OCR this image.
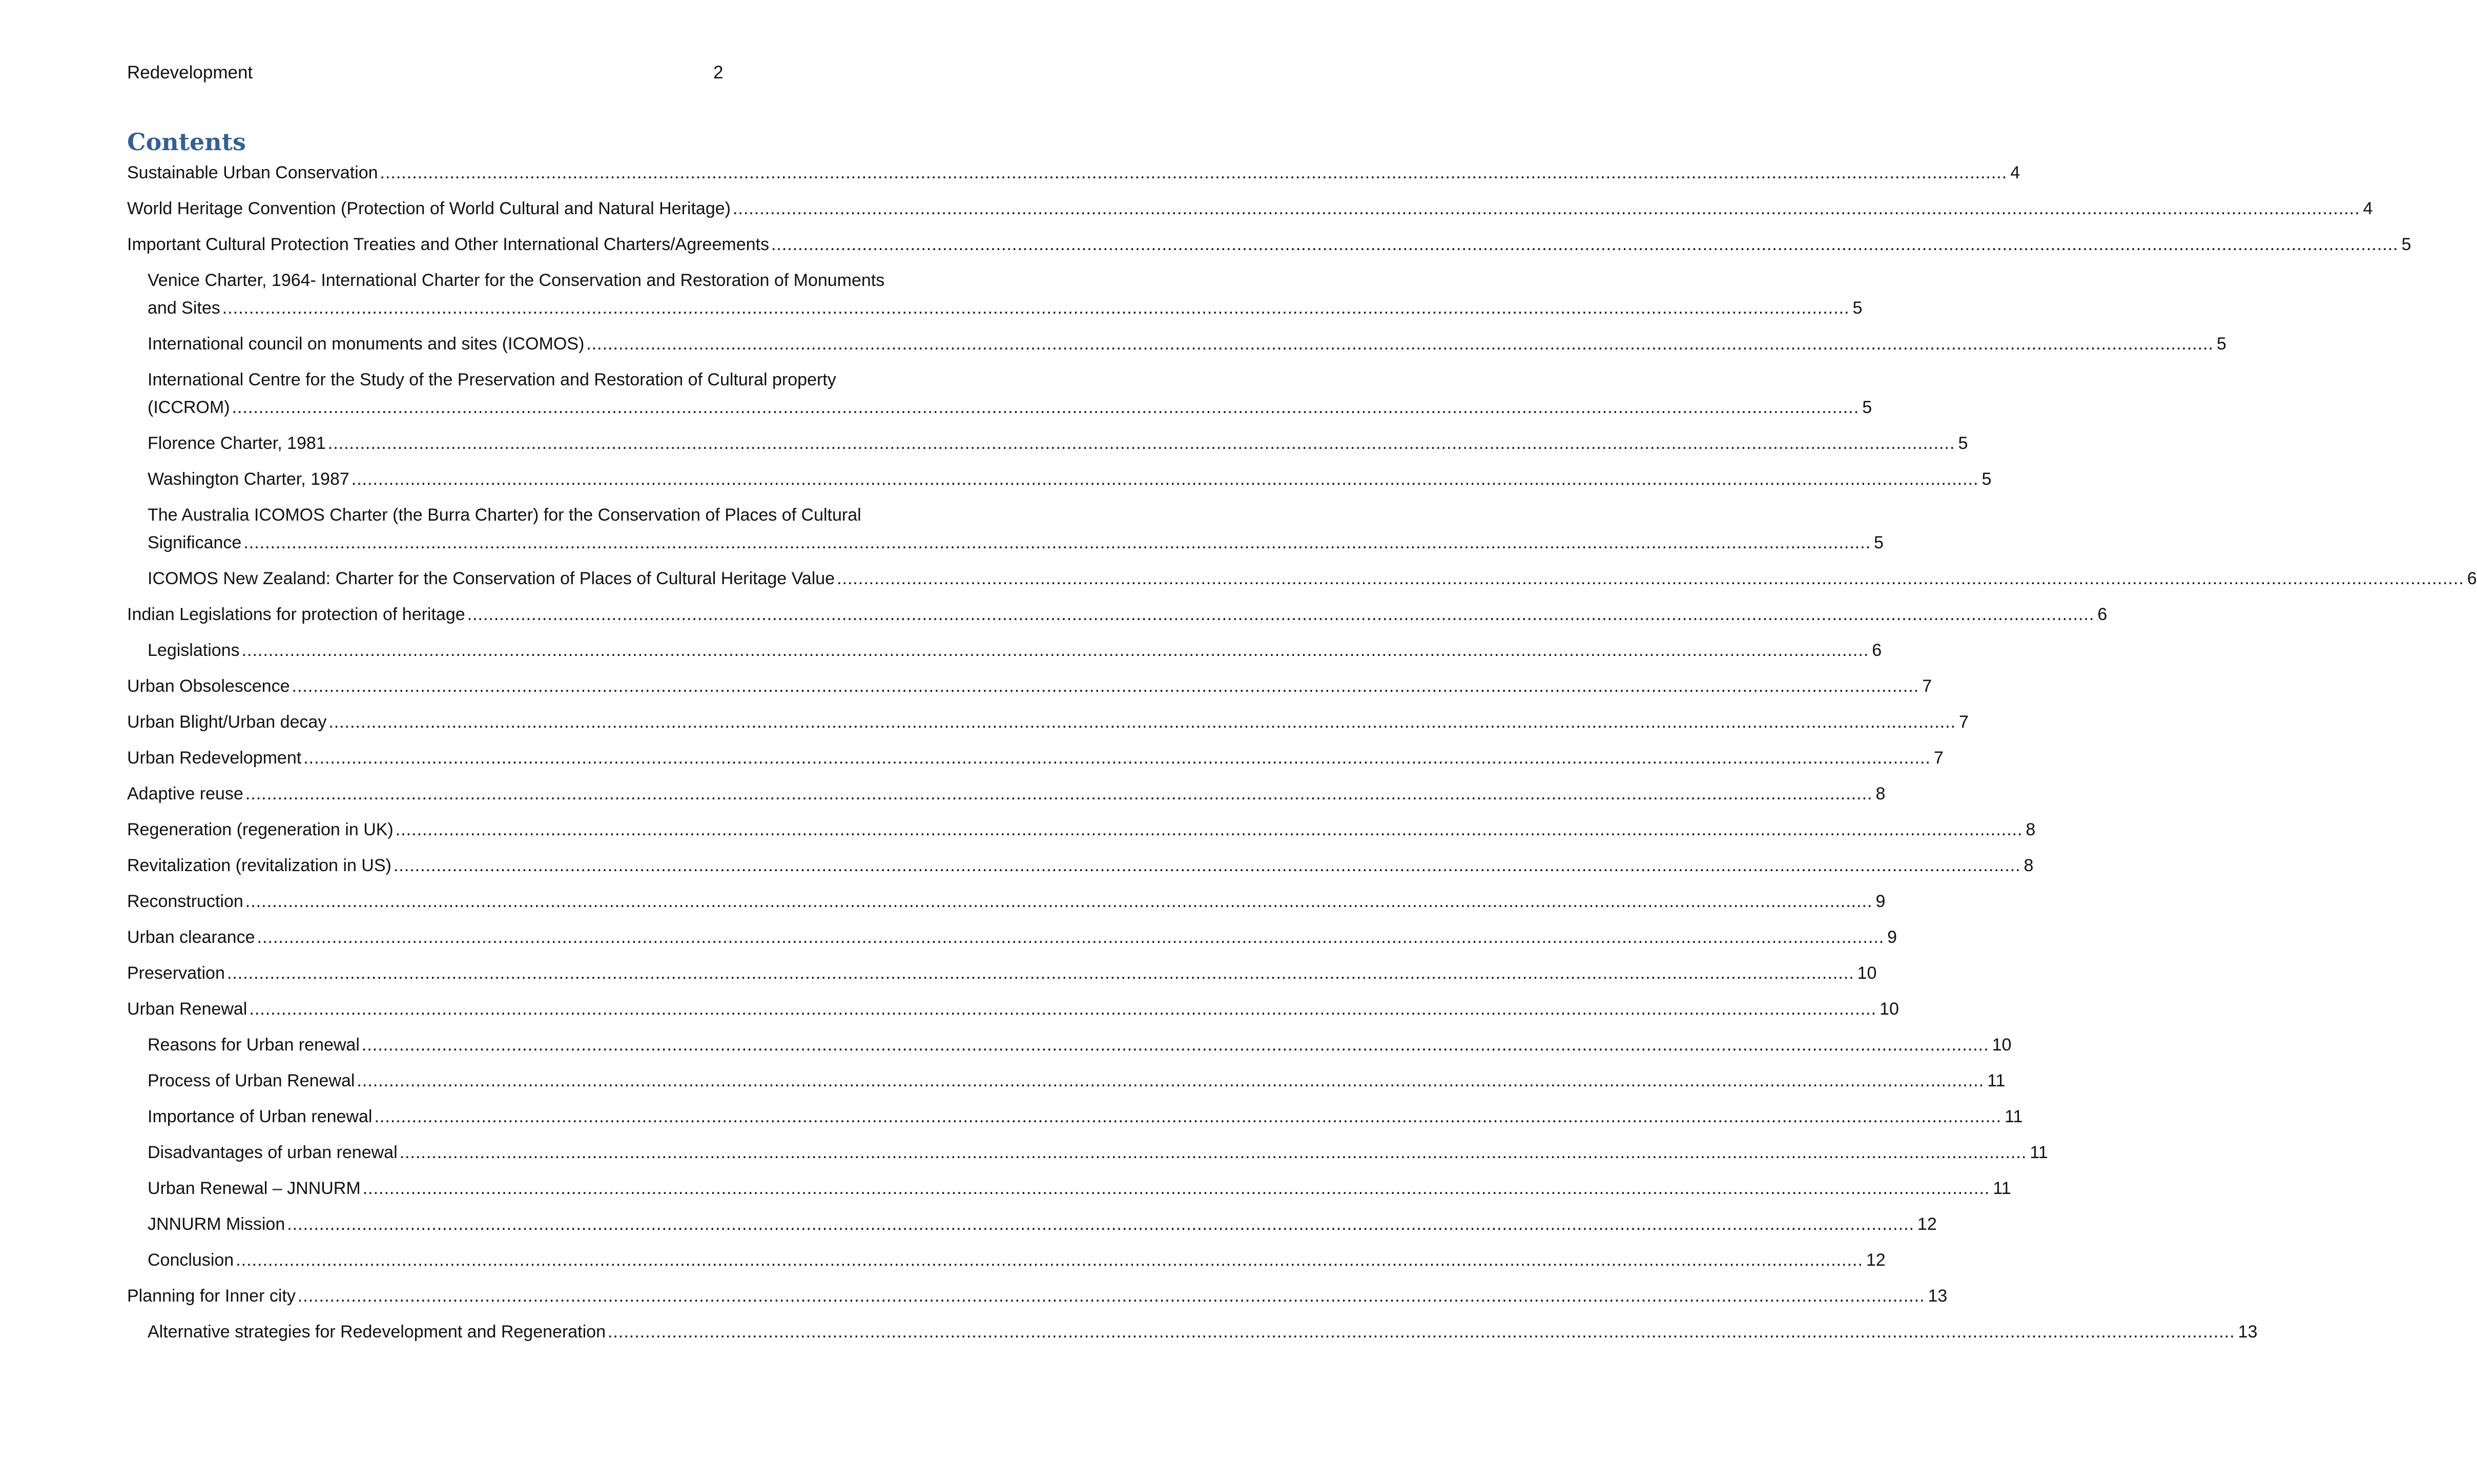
Redevelopment	2
Contents
Sustainable Urban Conservation .....	4
World Heritage Convention (Protection of World Cultural and Natural Heritage) .....	4
Important Cultural Protection Treaties and Other International Charters/Agreements .....	5
Venice Charter, 1964- International Charter for the Conservation and Restoration of Monuments
and Sites .....	5
International council on monuments and sites (ICOMOS) .....	5
International Centre for the Study of the Preservation and Restoration of Cultural property
(ICCROM) .....	5
Florence Charter, 1981 .....	5
Washington Charter, 1987 .....	5
The Australia ICOMOS Charter (the Burra Charter) for the Conservation of Places of Cultural
Significance .....	5
ICOMOS New Zealand: Charter for the Conservation of Places of Cultural Heritage Value .....	6
Indian Legislations for protection of heritage .....	6
Legislations .....	6
Urban Obsolescence .....	7
Urban Blight/Urban decay .....	7
Urban Redevelopment .....	7
Adaptive reuse .....	8
Regeneration (regeneration in UK) .....	8
Revitalization (revitalization in US) .....	8
Reconstruction .....	9
Urban clearance .....	9
Preservation .....	10
Urban Renewal .....	10
Reasons for Urban renewal .....	10
Process of Urban Renewal .....	11
Importance of Urban renewal .....	11
Disadvantages of urban renewal .....	11
Urban Renewal – JNNURM .....	11
JNNURM Mission .....	12
Conclusion .....	12
Planning for Inner city .....	13
Alternative strategies for Redevelopment and Regeneration .....	13
